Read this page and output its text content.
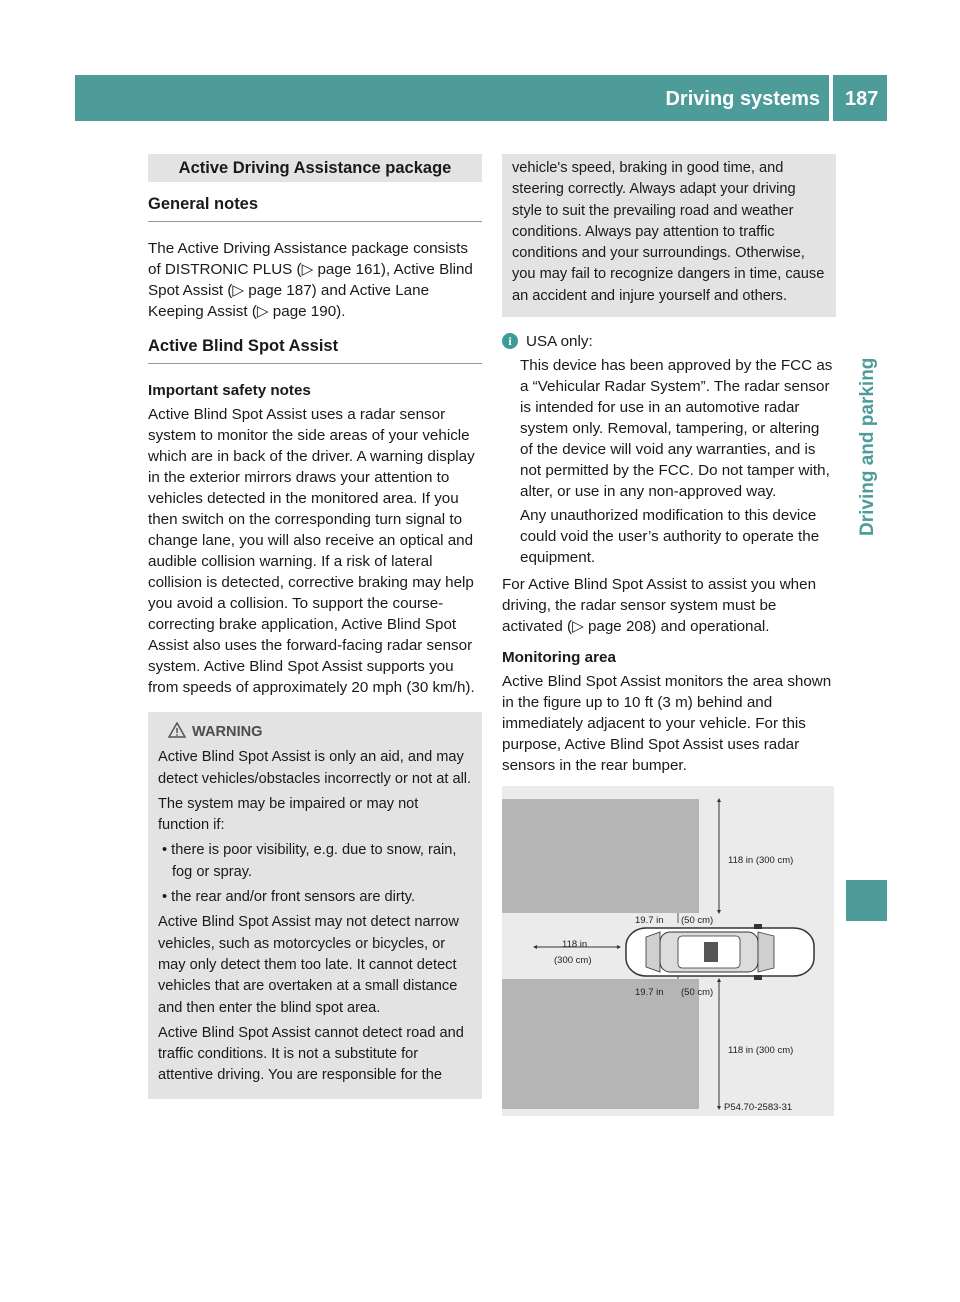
Driving systems 187
Driving and parking
Active Driving Assistance package
General notes

The Active Driving Assistance package consists of DISTRONIC PLUS (▷ page 161), Active Blind Spot Assist (▷ page 187) and Active Lane Keeping Assist (▷ page 190).

Active Blind Spot Assist

Important safety notes

Active Blind Spot Assist uses a radar sensor system to monitor the side areas of your vehicle which are in back of the driver. A warning display in the exterior mirrors draws your attention to vehicles detected in the monitored area. If you then switch on the corresponding turn signal to change lane, you will also receive an optical and audible collision warning. If a risk of lateral collision is detected, corrective braking may help you avoid a collision. To support the course-correcting brake application, Active Blind Spot Assist also uses the forward-facing radar sensor system. Active Blind Spot Assist supports you from speeds of approximately 20 mph (30 km/h).

WARNING

Active Blind Spot Assist is only an aid, and may detect vehicles/obstacles incorrectly or not at all.

The system may be impaired or may not function if:

• there is poor visibility, e.g. due to snow, rain, fog or spray.

• the rear and/or front sensors are dirty.

Active Blind Spot Assist may not detect narrow vehicles, such as motorcycles or bicycles, or may only detect them too late. It cannot detect vehicles that are overtaken at a small distance and then enter the blind spot area.

Active Blind Spot Assist cannot detect road and traffic conditions. It is not a substitute for attentive driving. You are responsible for the

vehicle's speed, braking in good time, and steering correctly. Always adapt your driving style to suit the prevailing road and weather conditions. Always pay attention to traffic conditions and your surroundings. Otherwise, you may fail to recognize dangers in time, cause an accident and injure yourself and others.
i USA only:

This device has been approved by the FCC as a “Vehicular Radar System”. The radar sensor is intended for use in an automotive radar system only. Removal, tampering, or altering of the device will void any warranties, and is not permitted by the FCC. Do not tamper with, alter, or use in any non-approved way.

Any unauthorized modification to this device could void the user’s authority to operate the equipment.

For Active Blind Spot Assist to assist you when driving, the radar sensor system must be activated (▷ page 208) and operational.

Monitoring area

Active Blind Spot Assist monitors the area shown in the figure up to 10 ft (3 m) behind and immediately adjacent to your vehicle. For this purpose, Active Blind Spot Assist uses radar sensors in the rear bumper.

118 in (300 cm)
19.7 in (50 cm)
118 in
(300 cm)
19.7 in (50 cm)
118 in (300 cm)
P54.70-2583-31
